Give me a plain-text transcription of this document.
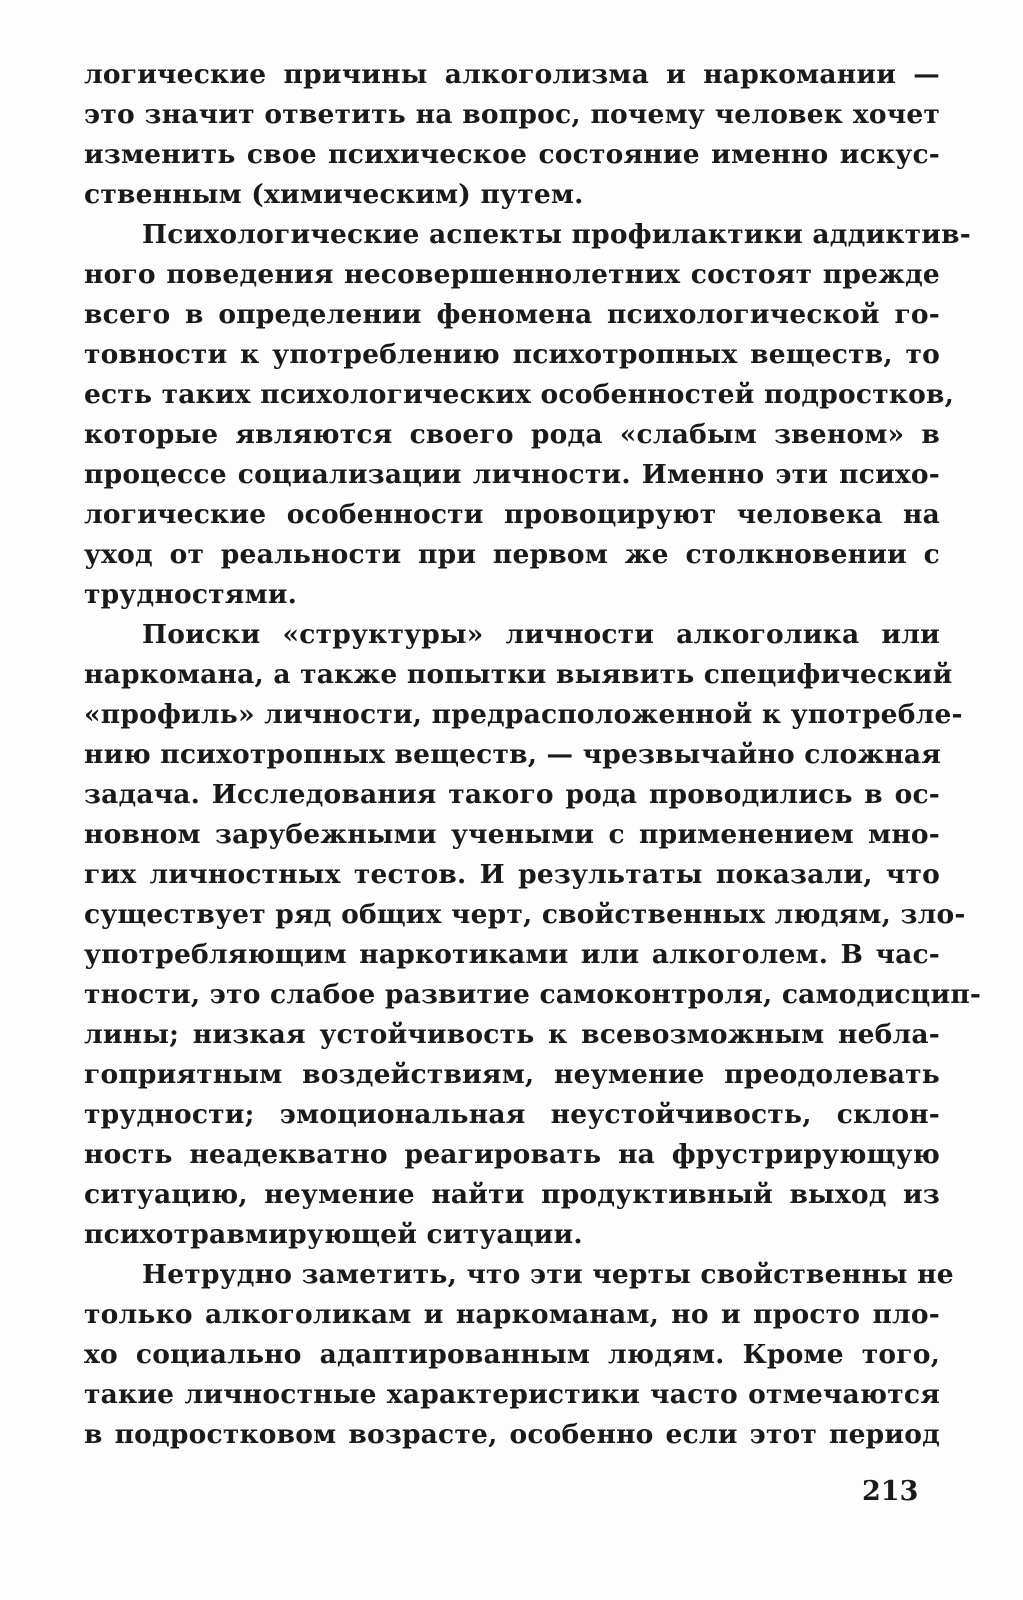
логические причины алкоголизма и наркомании —
это значит ответить на вопрос, почему человек хочет
изменить свое психическое состояние именно искус-
ственным (химическим) путем.
Психологические аспекты профилактики аддиктив-
ного поведения несовершеннолетних состоят прежде
всего в определении феномена психологической го-
товности к употреблению психотропных веществ, то
есть таких психологических особенностей подростков,
которые являются своего рода «слабым звеном» в
процессе социализации личности. Именно эти психо-
логические особенности провоцируют человека на
уход от реальности при первом же столкновении с
трудностями.
Поиски «структуры» личности алкоголика или
наркомана, а также попытки выявить специфический
«профиль» личности, предрасположенной к употребле-
нию психотропных веществ, — чрезвычайно сложная
задача. Исследования такого рода проводились в ос-
новном зарубежными учеными с применением мно-
гих личностных тестов. И результаты показали, что
существует ряд общих черт, свойственных людям, зло-
употребляющим наркотиками или алкоголем. В час-
тности, это слабое развитие самоконтроля, самодисцип-
лины; низкая устойчивость к всевозможным небла-
гоприятным воздействиям, неумение преодолевать
трудности; эмоциональная неустойчивость, склон-
ность неадекватно реагировать на фрустрирующую
ситуацию, неумение найти продуктивный выход из
психотравмирующей ситуации.
Нетрудно заметить, что эти черты свойственны не
только алкоголикам и наркоманам, но и просто пло-
хо социально адаптированным людям. Кроме того,
такие личностные характеристики часто отмечаются
в подростковом возрасте, особенно если этот период
213
